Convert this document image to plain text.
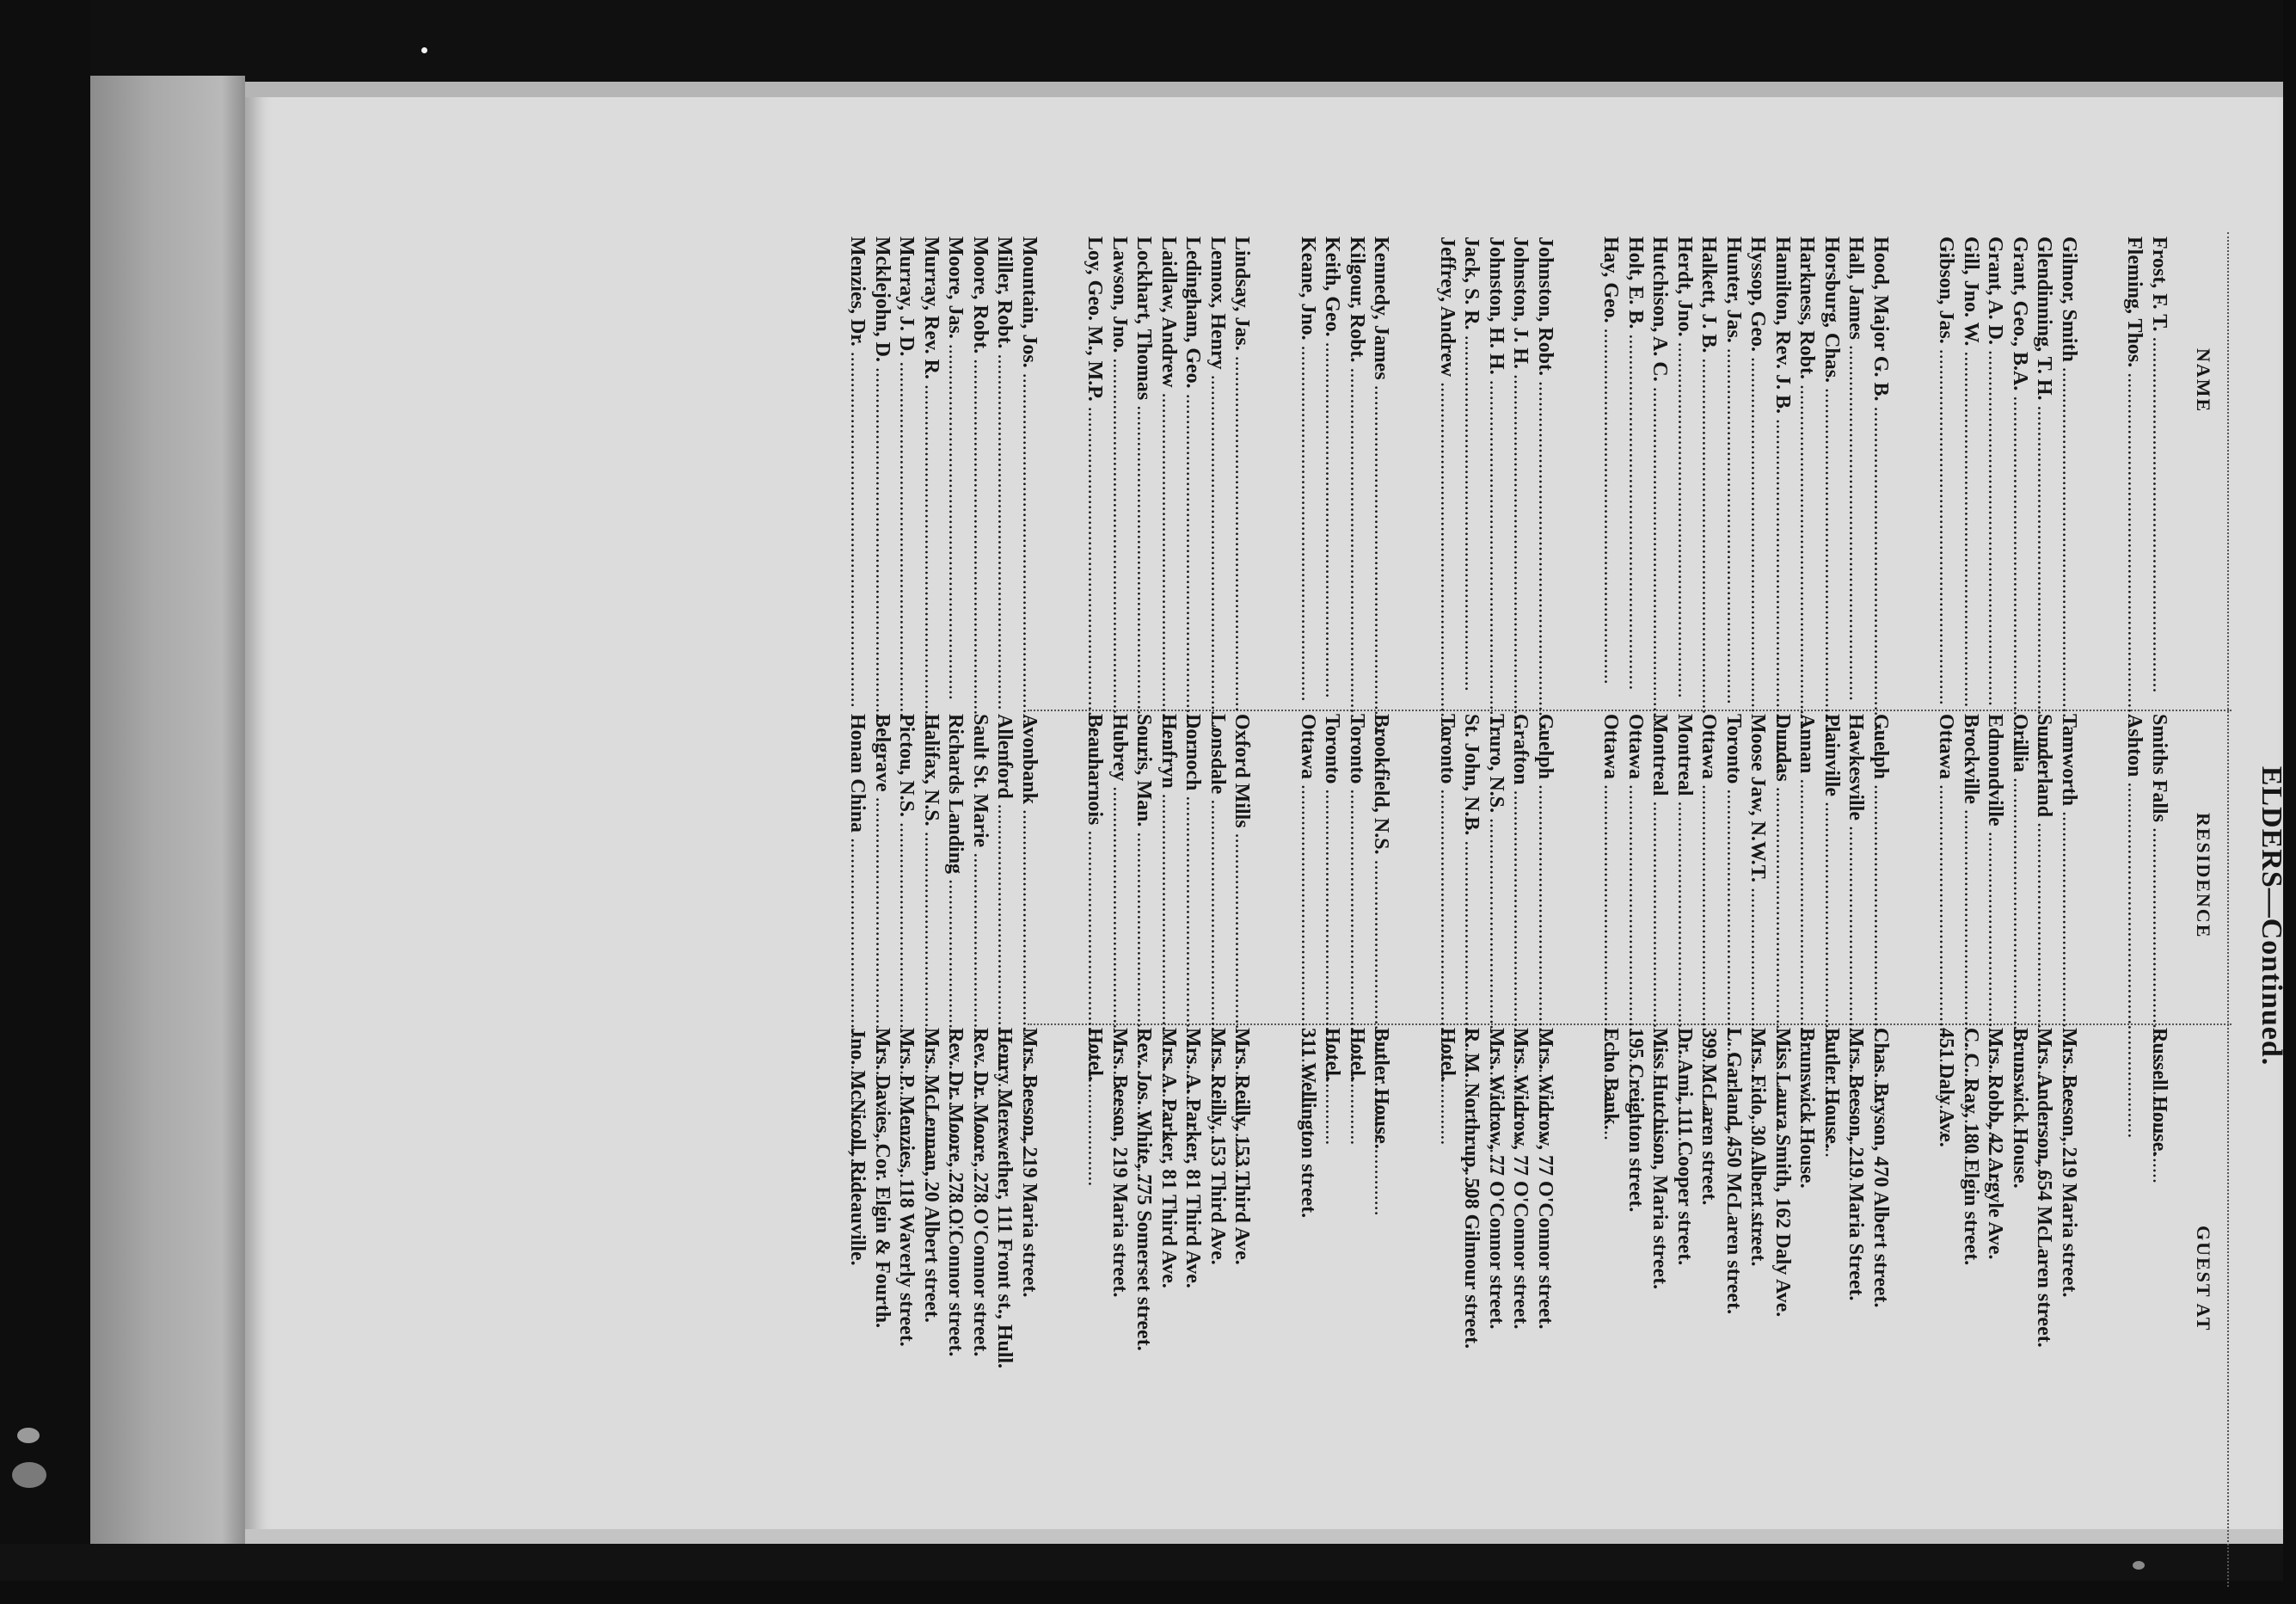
ELDERS—Continued.
NAME
RESIDENCE
GUEST AT
Frost, F. T. .....
Smiths Falls .....
Russell House.
Fleming, Thos. .....
Ashton .....
Gilmor, Smith .....
Tamworth .....
Mrs. Beeson, 219 Maria street.
Glendinning, T. H. .....
Sunderland .....
Mrs. Anderson, 654 McLaren street.
Grant, Geo., B.A. .....
Orillia .....
Brunswick House.
Grant, A. D. .....
Edmondville .....
Mrs. Robb, 42 Argyle Ave.
Gill, Jno. W. .....
Brockville .....
C. C. Ray, 180 Elgin street.
Gibson, Jas. .....
Ottawa .....
451 Daly Ave.
Hood, Major G. B. .....
Guelph .....
Chas. Bryson, 470 Albert street.
Hall, James .....
Hawkesville .....
Mrs. Beeson, 219 Maria Street.
Horsburg, Chas. .....
Plainville .....
Butler House.
Harkness, Robt. .....
Annan .....
Brunswick House.
Hamilton, Rev. J. B. .....
Dundas .....
Miss Laura Smith, 162 Daly Ave.
Hyssop, Geo. .....
Moose Jaw, N.W.T. .....
Mrs. Fido, 30 Albert street.
Hunter, Jas. .....
Toronto .....
L. Garland, 450 McLaren street.
Halkett, J. B. .....
Ottawa .....
399 McLaren street.
Herdt, Jno. .....
Montreal .....
Dr. Ami, 111 Cooper street.
Hutchison, A. C. .....
Montreal .....
Miss Hutchison, Maria street.
Holt, E. B. .....
Ottawa .....
195 Creighton street.
Hay, Geo. .....
Ottawa .....
Echo Bank.
Johnston, Robt. .....
Guelph .....
Mrs. Widrow, 77 O'Connor street.
Johnston, J. H. .....
Grafton .....
Mrs. Widrow, 77 O'Connor street.
Johnston, H. H. .....
Truro, N.S. .....
Mrs. Widrow, 77 O'Connor street.
Jack, S. R. .....
St. John, N.B. .....
R. M. Northrup, 508 Gilmour street.
Jeffrey, Andrew .....
Toronto .....
Hotel.
Kennedy, James .....
Brookfield, N.S. .....
Butler House.
Kilgour, Robt. .....
Toronto .....
Hotel.
Keith, Geo. .....
Toronto .....
Hotel.
Keane, Jno. .....
Ottawa .....
311 Wellington street.
Lindsay, Jas. .....
Oxford Mills .....
Mrs. Reilly, 153 Third Ave.
Lennox, Henry .....
Lonsdale .....
Mrs. Reilly, 153 Third Ave.
Ledingham, Geo. .....
Dornoch .....
Mrs. A. Parker, 81 Third Ave.
Laidlaw, Andrew .....
Henfryn .....
Mrs. A. Parker, 81 Third Ave.
Lockhart, Thomas .....
Souris, Man. .....
Rev. Jos. White, 775 Somerset street.
Lawson, Jno. .....
Hubrey .....
Mrs. Beeson, 219 Maria street.
Loy, Geo. M., M.P. .....
Beauharnois .....
Hotel.
Mountain, Jos. .....
Avonbank .....
Mrs. Beeson, 219 Maria street.
Miller, Robt. .....
Allenford .....
Henry Merewether, 111 Front st., Hull.
Moore, Robt. .....
Sault St. Marie .....
Rev. Dr. Moore, 278 O'Connor street.
Moore, Jas. .....
Richards Landing .....
Rev. Dr. Moore, 278 O'Connor street.
Murray, Rev. R. .....
Halifax, N.S. .....
Mrs. McLennan, 20 Albert street.
Murray, J. D. .....
Pictou, N.S. .....
Mrs. P. Menzies, 118 Waverly street.
Mcklejohn, D. .....
Belgrave .....
Mrs. Davies, Cor. Elgin & Fourth.
Menzies, Dr. .....
Honan China .....
Jno. McNicoll, Rideauville.
